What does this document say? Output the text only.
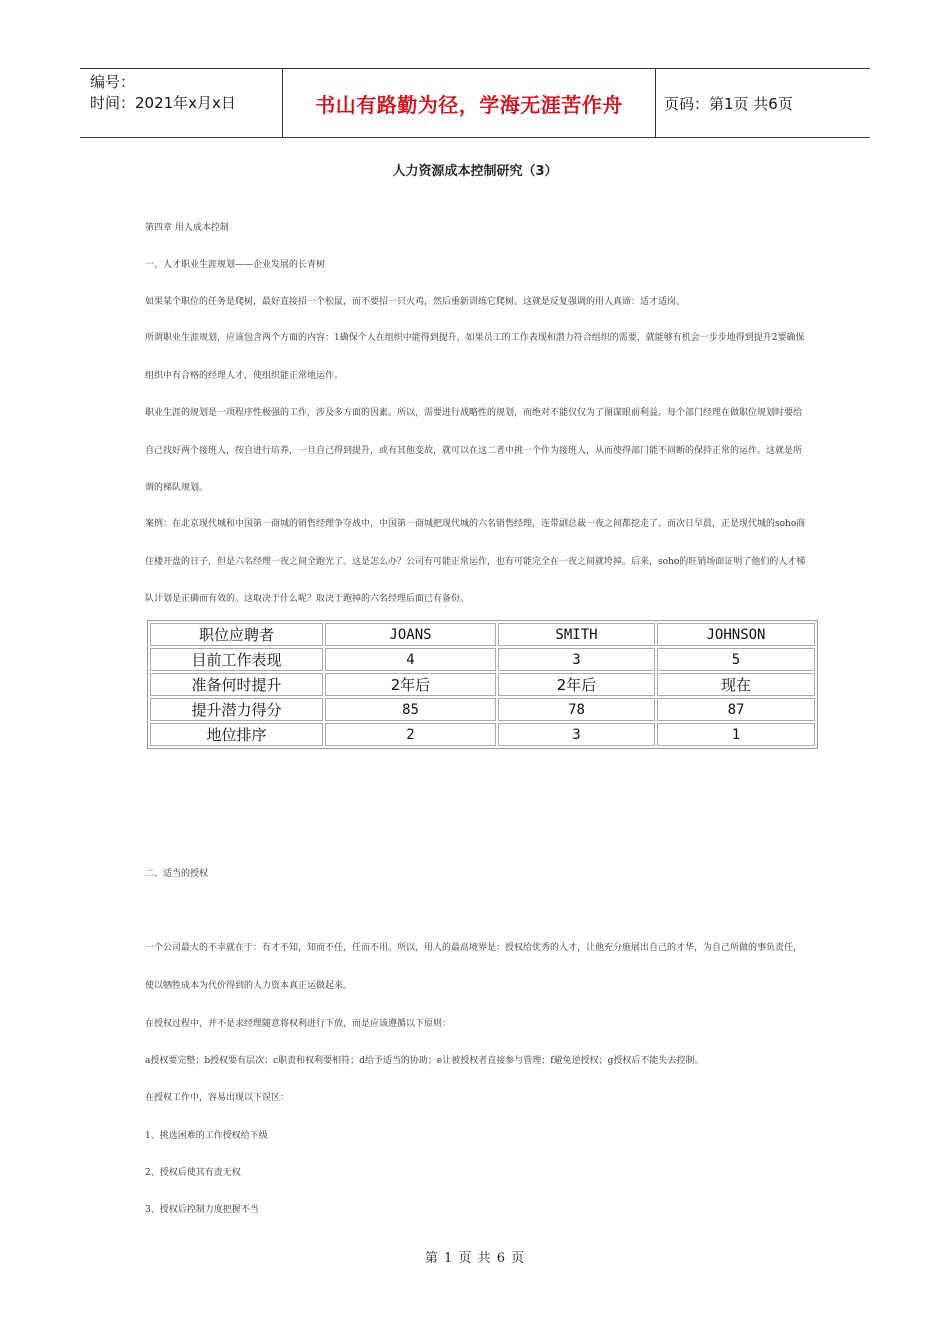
编号：
时间：2021年x月x日	书山有路勤为径，学海无涯苦作舟	页码：第1页 共6页
人力资源成本控制研究（3）
第四章 用人成本控制
一、人才职业生涯规划——企业发展的长青树
如果某个职位的任务是爬树，最好直接招一个松鼠，而不要招一只火鸡，然后重新训练它爬树。这就是反复强调的用人真谛：适才适岗。
所谓职业生涯规划，应该包含两个方面的内容：1确保个人在组织中能得到提升，如果员工的工作表现和潜力符合组织的需要，就能够有机会一步步地得到提升2要确保组织中有合格的经理人才，使组织能正常地运作。
职业生涯的规划是一项程序性极强的工作，涉及多方面的因素。所以，需要进行战略性的规划，而绝对不能仅仅为了图谋眼前利益。每个部门经理在做职位规划时要给自己找好两个接班人，按自进行培养，一旦自己得到提升，或有其他变故，就可以在这二者中挑一个作为接班人，从而使得部门能不间断的保持正常的运作。这就是所谓的梯队规划。
案例：在北京现代城和中国第一商城的销售经理争夺战中，中国第一商城把现代城的六名销售经理，连带副总裁一夜之间都挖走了。而次日早晨，正是现代城的soho商住楼开盘的日子，但是六名经理一夜之间全跑光了。这是怎么办？公司有可能正常运作，也有可能完全在一夜之间就垮掉。后来，soho的旺销场面证明了他们的人才梯队计划是正确而有效的。这取决于什么呢？取决于跑掉的六名经理后面已有备份。
职位应聘者	JOANS	SMITH	JOHNSON
目前工作表现	4	3	5
准备何时提升	2年后	2年后	现在
提升潜力得分	85	78	87
地位排序	2	3	1
二、适当的授权
一个公司最大的不幸就在于：有才不知，知而不任，任而不用。所以，用人的最高境界是：授权给优秀的人才，让他充分施展出自己的才华，为自己所做的事负责任，使以牺牲成本为代价得到的人力资本真正运做起来。
在授权过程中，并不是求经理随意将权利进行下放，而是应该遵循以下原则：
a授权要完整；b授权要有层次；c职责和权利要相符；d给予适当的协助；e让被授权者直接参与管理；f避免逆授权；g授权后不能失去控制。
在授权工作中，容易出现以下误区：
1、挑选困难的工作授权给下级
2、授权后使其有责无权
3、授权后控制力度把握不当
第 1 页 共 6 页
